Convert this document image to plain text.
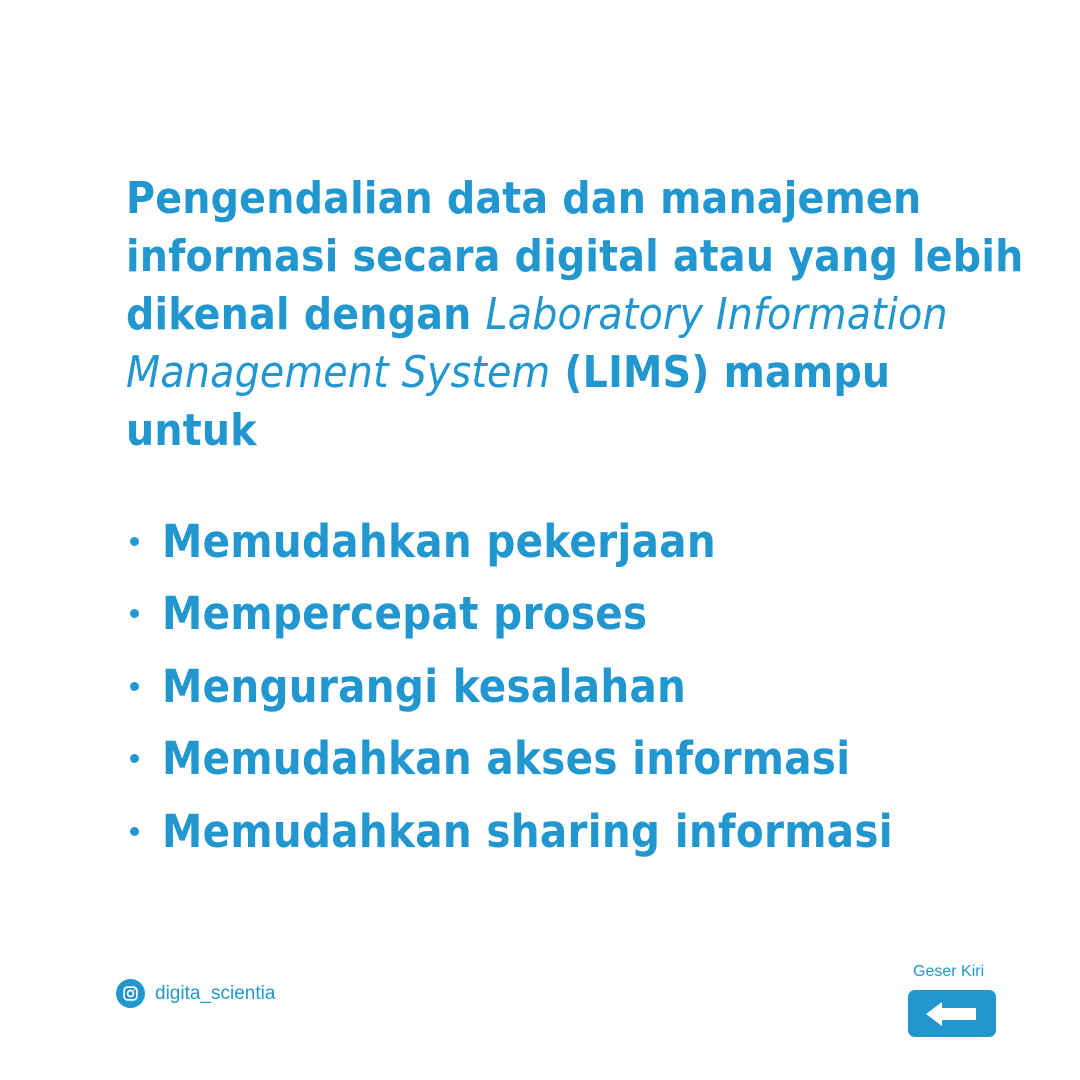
Pengendalian data dan manajemen informasi secara digital atau yang lebih dikenal dengan Laboratory Information Management System (LIMS) mampu untuk

Memudahkan pekerjaan
Mempercepat proses
Mengurangi kesalahan
Memudahkan akses informasi
Memudahkan sharing informasi
digita_scientia
Geser Kiri
